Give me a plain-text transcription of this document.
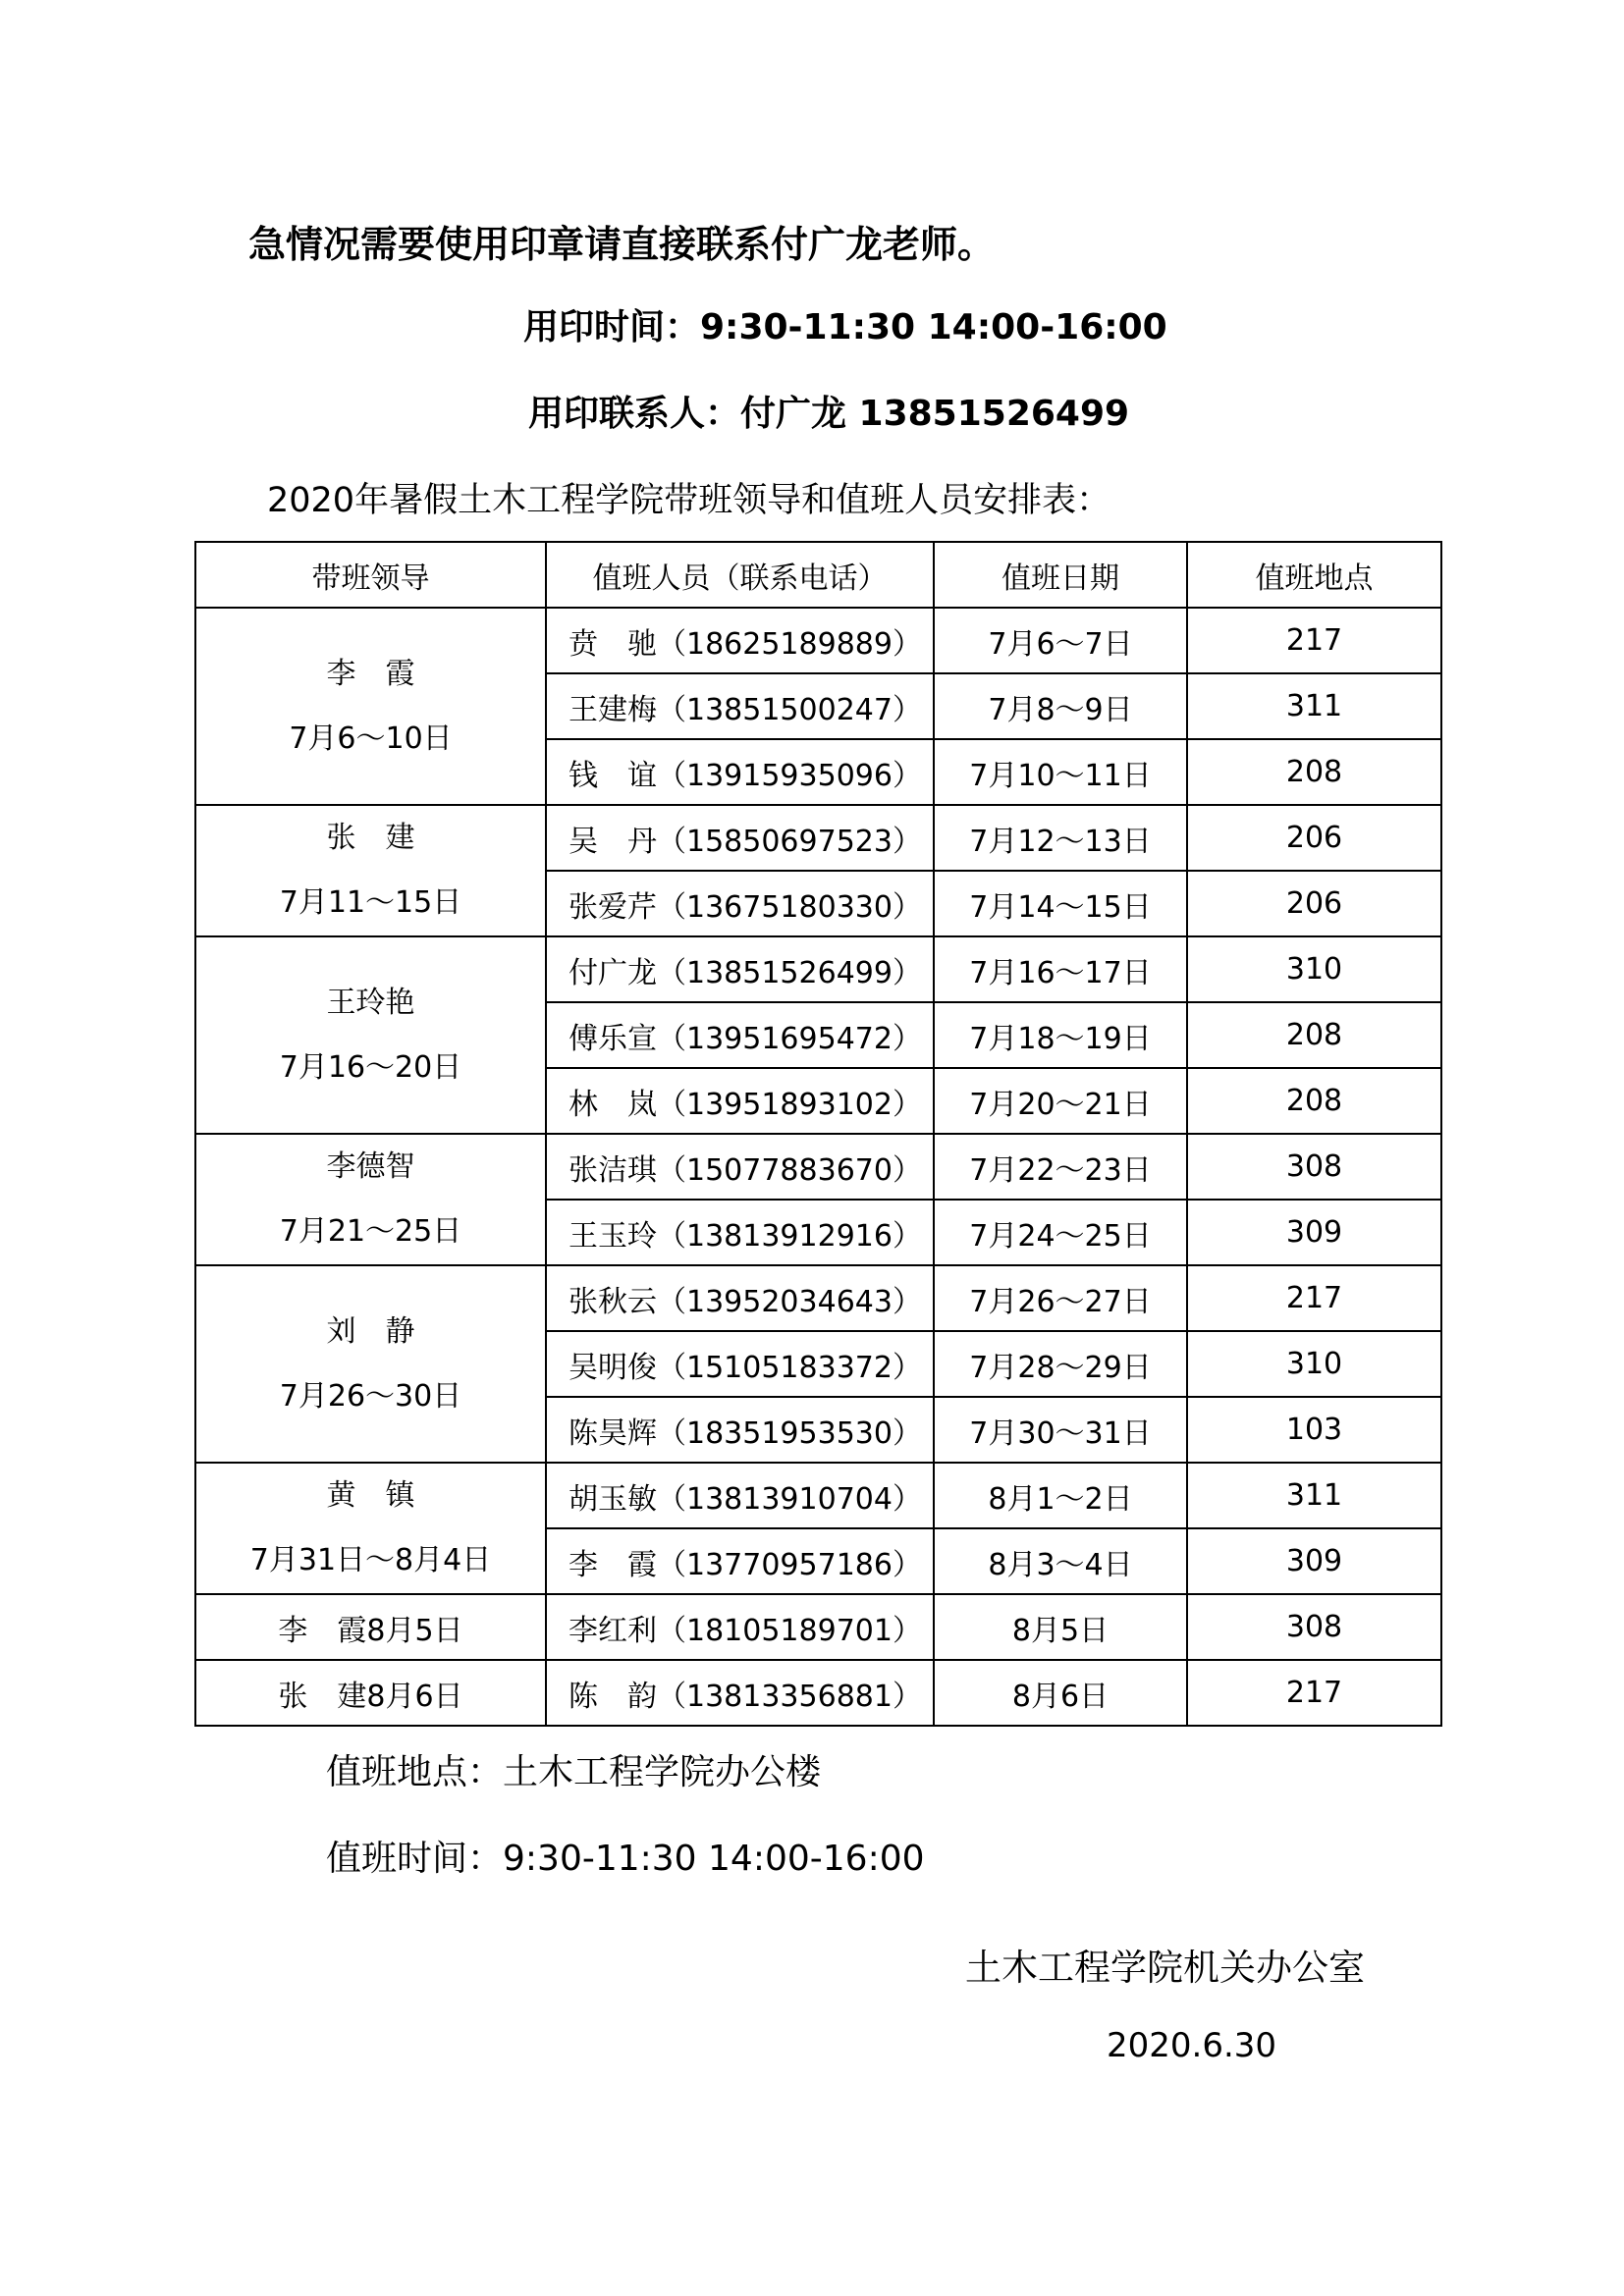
急情况需要使用印章请直接联系付广龙老师。
用印时间：9:30-11:30 14:00-16:00
用印联系人：付广龙 13851526499
2020年暑假土木工程学院带班领导和值班人员安排表：
带班领导	值班人员（联系电话）	值班日期	值班地点

李　霞
7月6～10日	贲　驰（18625189889）	7月6～7日	217
	王建梅（13851500247）	7月8～9日	311
	钱　谊（13915935096）	7月10～11日	208

张　建
7月11～15日	吴　丹（15850697523）	7月12～13日	206
	张爱芹（13675180330）	7月14～15日	206

王玲艳
7月16～20日	付广龙（13851526499）	7月16～17日	310
	傅乐宣（13951695472）	7月18～19日	208
	林　岚（13951893102）	7月20～21日	208

李德智
7月21～25日	张洁琪（15077883670）	7月22～23日	308
	王玉玲（13813912916）	7月24～25日	309

刘　静
7月26～30日	张秋云（13952034643）	7月26～27日	217
	吴明俊（15105183372）	7月28～29日	310
	陈昊辉（18351953530）	7月30～31日	103

黄　镇
7月31日～8月4日	胡玉敏（13813910704）	8月1～2日	311
	李　霞（13770957186）	8月3～4日	309
李　霞8月5日	李红利（18105189701）	8月5日	308
张　建8月6日	陈　韵（13813356881）	8月6日	217
值班地点：土木工程学院办公楼
值班时间：9:30-11:30 14:00-16:00
土木工程学院机关办公室
2020.6.30
